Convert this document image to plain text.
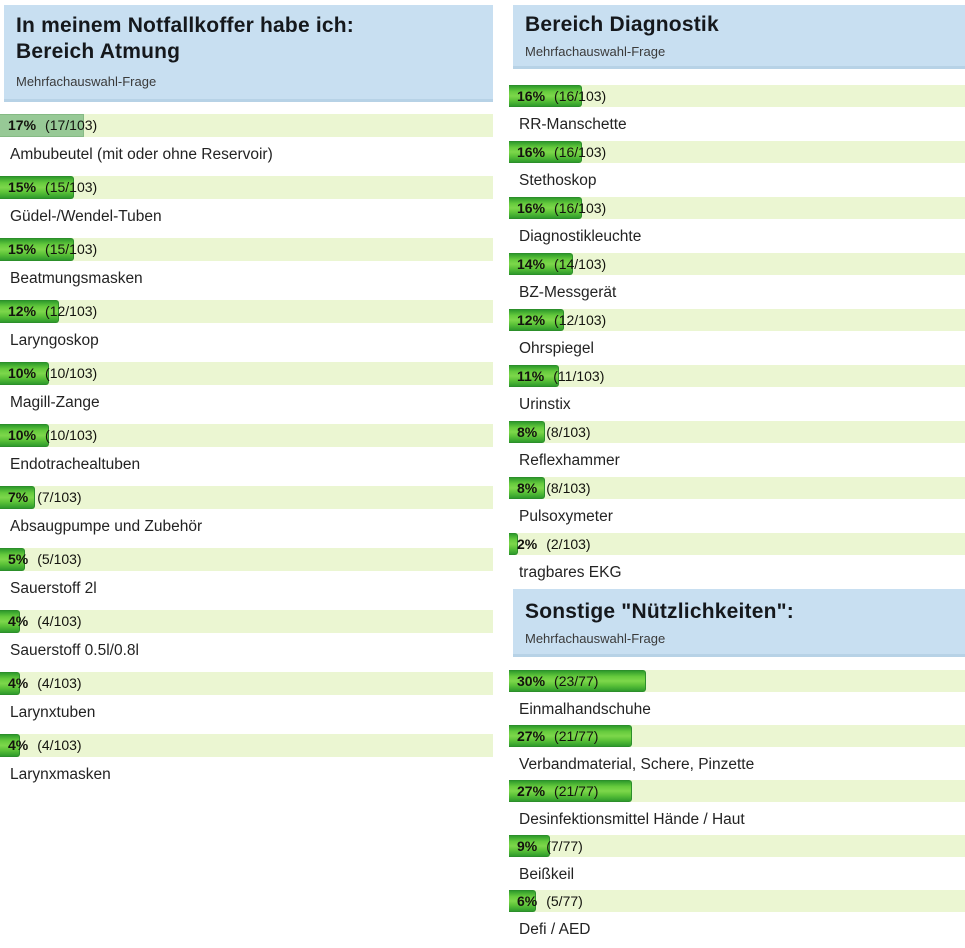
In meinem Notfallkoffer habe ich:
Bereich Atmung
Mehrfachauswahl-Frage
17% (17/103)
Ambubeutel (mit oder ohne Reservoir)
15% (15/103)
Güdel-/Wendel-Tuben
15% (15/103)
Beatmungsmasken
12% (12/103)
Laryngoskop
10% (10/103)
Magill-Zange
10% (10/103)
Endotrachealtuben
7% (7/103)
Absaugpumpe und Zubehör
5% (5/103)
Sauerstoff 2l
4% (4/103)
Sauerstoff 0.5l/0.8l
4% (4/103)
Larynxtuben
4% (4/103)
Larynxmasken
Bereich Diagnostik
Mehrfachauswahl-Frage
16% (16/103)
RR-Manschette
16% (16/103)
Stethoskop
16% (16/103)
Diagnostikleuchte
14% (14/103)
BZ-Messgerät
12% (12/103)
Ohrspiegel
11% (11/103)
Urinstix
8% (8/103)
Reflexhammer
8% (8/103)
Pulsoxymeter
2% (2/103)
tragbares EKG
Sonstige "Nützlichkeiten":
Mehrfachauswahl-Frage
30% (23/77)
Einmalhandschuhe
27% (21/77)
Verbandmaterial, Schere, Pinzette
27% (21/77)
Desinfektionsmittel Hände / Haut
9% (7/77)
Beißkeil
6% (5/77)
Defi / AED
